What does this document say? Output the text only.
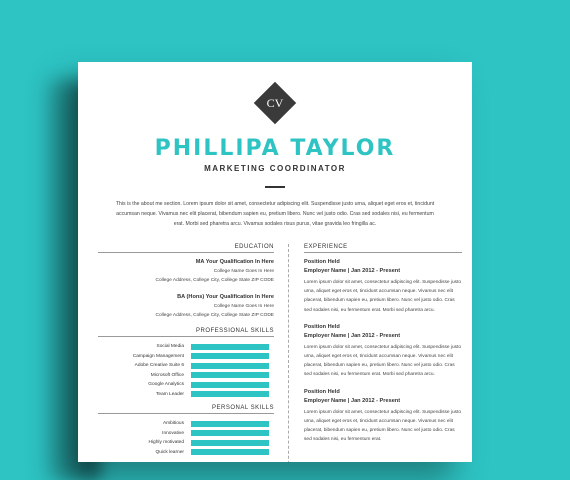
CV
PHILLIPA TAYLOR
MARKETING COORDINATOR
This is the about me section. Lorem ipsum dolor sit amet, consectetur adipiscing elit. Suspendisse justo urna, aliquet eget eros et, tincidunt accumsan neque. Vivamus nec elit placerat, bibendum sapien eu, pretium libero. Nunc vel justo odio. Cras sed sodales nisi, eu fermentum erat. Morbi sed pharetra arcu. Vivamus sodales risus purus, vitae gravida leo fringilla ac.
EDUCATION
MA Your Qualification In Here
College Name Goes In Here
College Address, College City, College State ZIP CODE
BA (Hons) Your Qualification In Here
College Name Goes In Here
College Address, College City, College State ZIP CODE
PROFESSIONAL SKILLS
Social Media
Campaign Management
Adobe Creative Suite 6
Microsoft Office
Google Analytics
Team Leader
PERSONAL SKILLS
Ambitious
Innovative
Highly motivated
Quick learner
EXPERIENCE
Position Held
Employer Name | Jan 2012 - Present
Lorem ipsum dolor sit amet, consectetur adipiscing elit. Suspendisse justo urna, aliquet eget eros et, tincidunt accumsan neque. Vivamus nec elit placerat, bibendum sapien eu, pretium libero. Nunc vel justo odio. Cras sed sodales nisi, eu fermentum erat. Morbi sed pharetra arcu.
Position Held
Employer Name | Jan 2012 - Present
Lorem ipsum dolor sit amet, consectetur adipiscing elit. Suspendisse justo urna, aliquet eget eros et, tincidunt accumsan neque. Vivamus nec elit placerat, bibendum sapien eu, pretium libero. Nunc vel justo odio. Cras sed sodales nisi, eu fermentum erat. Morbi sed pharetra arcu.
Position Held
Employer Name | Jan 2012 - Present
Lorem ipsum dolor sit amet, consectetur adipiscing elit. Suspendisse justo urna, aliquet eget eros et, tincidunt accumsan neque. Vivamus nec elit placerat, bibendum sapien eu, pretium libero. Nunc vel justo odio. Cras sed sodales nisi, eu fermentum erat.
